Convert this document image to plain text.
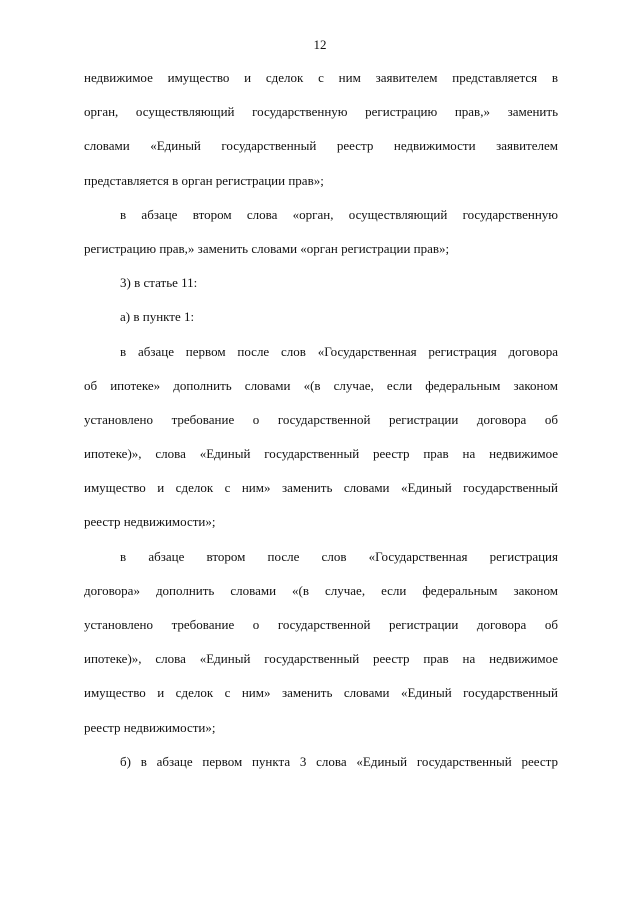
12
недвижимое имущество и сделок с ним заявителем представляется в
орган, осуществляющий государственную регистрацию прав,» заменить
словами «Единый государственный реестр недвижимости заявителем
представляется в орган регистрации прав»;
в абзаце втором слова «орган, осуществляющий государственную
регистрацию прав,» заменить словами «орган регистрации прав»;
3) в статье 11:
а) в пункте 1:
в абзаце первом после слов «Государственная регистрация договора
об ипотеке» дополнить словами «(в случае, если федеральным законом
установлено требование о государственной регистрации договора об
ипотеке)», слова «Единый государственный реестр прав на недвижимое
имущество и сделок с ним» заменить словами «Единый государственный
реестр недвижимости»;
в абзаце втором после слов «Государственная регистрация
договора» дополнить словами «(в случае, если федеральным законом
установлено требование о государственной регистрации договора об
ипотеке)», слова «Единый государственный реестр прав на недвижимое
имущество и сделок с ним» заменить словами «Единый государственный
реестр недвижимости»;
б) в абзаце первом пункта 3 слова «Единый государственный реестр
